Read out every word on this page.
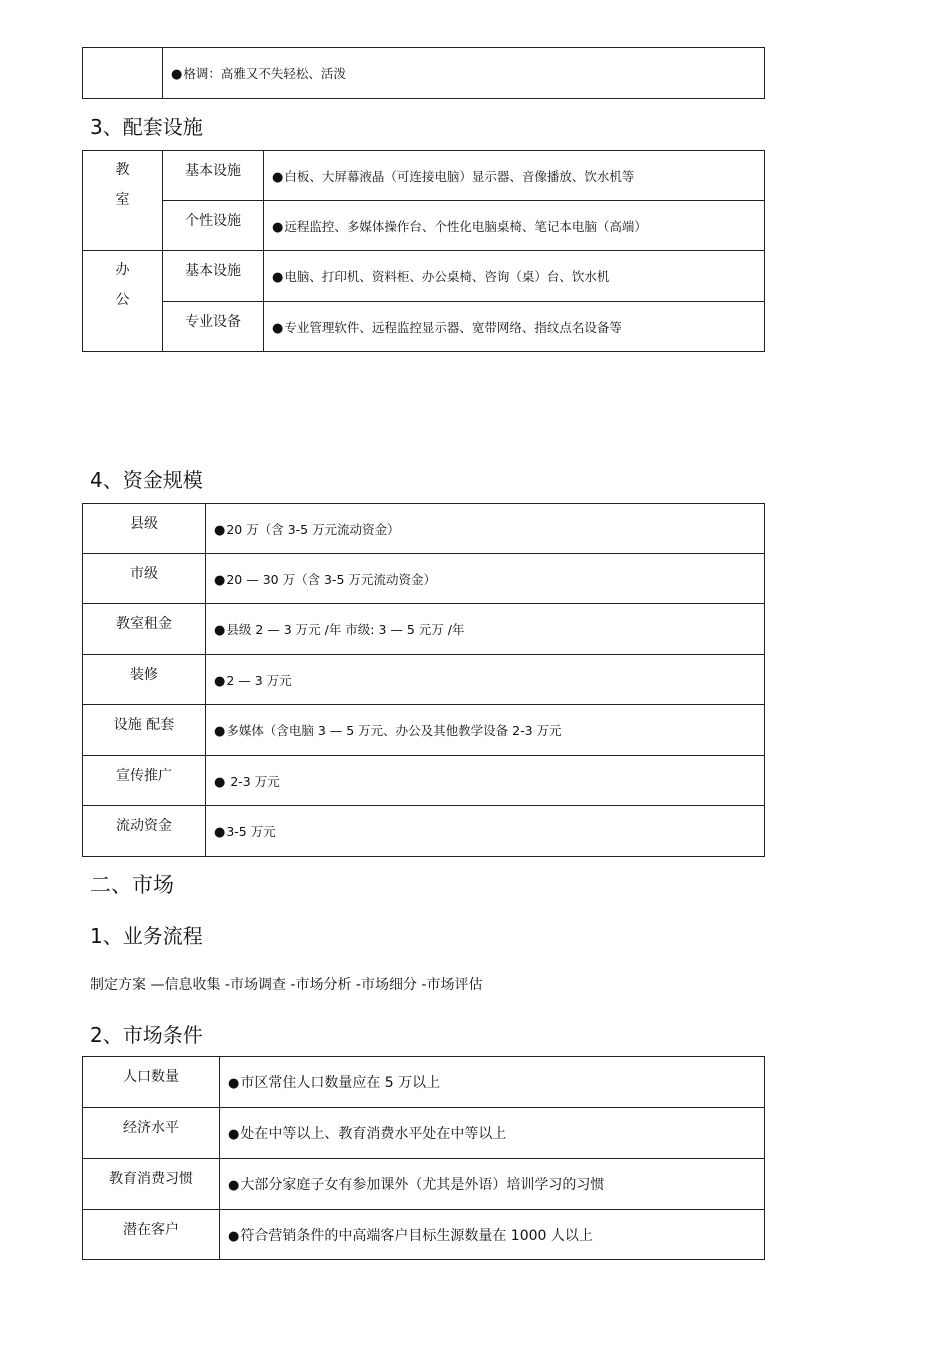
	●格调：高雅又不失轻松、活泼
3、配套设施
教
室	基本设施	●白板、大屏幕液晶（可连接电脑）显示器、音像播放、饮水机等
	个性设施	●远程监控、多媒体操作台、个性化电脑桌椅、笔记本电脑（高端）

办
公	基本设施	●电脑、打印机、资料柜、办公桌椅、咨询（桌）台、饮水机
	专业设备	●专业管理软件、远程监控显示器、宽带网络、指纹点名设备等
4、资金规模
县级	●20 万（含 3-5 万元流动资金）
市级	●20 — 30 万（含 3-5 万元流动资金）
教室租金	●县级 2 — 3 万元 /年 市级: 3 — 5 元万 /年
装修	●2 — 3 万元
设施 配套	●多媒体（含电脑 3 — 5 万元、办公及其他教学设备 2-3 万元
宣传推广	● 2-3 万元
流动资金	●3-5 万元
二、市场
1、业务流程
制定方案 —信息收集 -市场调查 -市场分析 -市场细分 -市场评估
2、市场条件
人口数量	●市区常住人口数量应在 5 万以上
经济水平	●处在中等以上、教育消费水平处在中等以上
教育消费习惯	●大部分家庭子女有参加课外（尤其是外语）培训学习的习惯
潜在客户	●符合营销条件的中高端客户目标生源数量在 1000 人以上
